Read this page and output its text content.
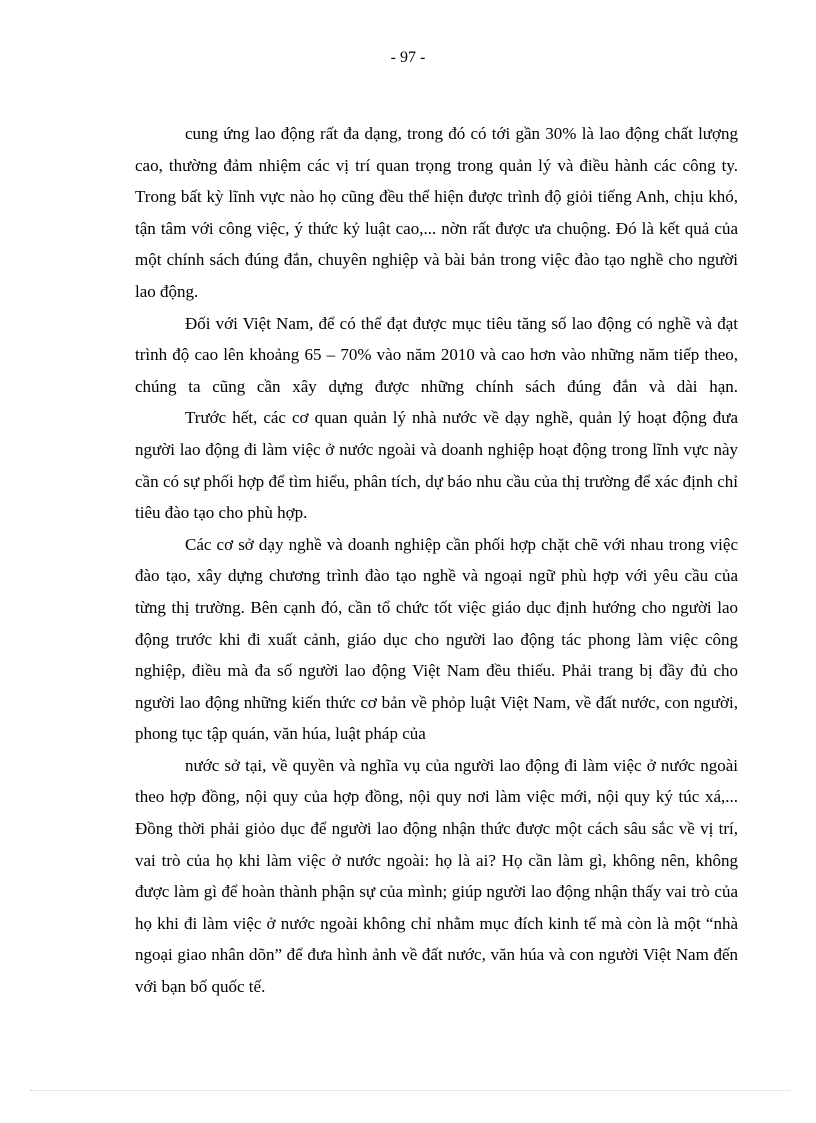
- 97 -

cung ứng lao động rất đa dạng, trong đó có tới gần 30% là lao động chất lượng cao, thường đảm nhiệm các vị trí quan trọng trong quản lý và điều hành các công ty. Trong bất kỳ lĩnh vực nào họ cũng đều thể hiện được trình độ giỏi tiếng Anh, chịu khó, tận tâm với công việc, ý thức kỷ luật cao,... nờn rất được ưa chuộng. Đó là kết quả của một chính sách đúng đắn, chuyên nghiệp và bài bản trong việc đào tạo nghề cho người lao động.

Đối với Việt Nam, để có thể đạt được mục tiêu tăng số lao động có nghề và đạt trình độ cao lên khoảng 65 – 70% vào năm 2010 và cao hơn vào những năm tiếp theo, chúng ta cũng cần xây dựng được những chính sách đúng đắn và dài hạn.

Trước hết, các cơ quan quản lý nhà nước về dạy nghề, quản lý hoạt động đưa người lao động đi làm việc ở nước ngoài và doanh nghiệp hoạt động trong lĩnh vực này cần có sự phối hợp để tìm hiểu, phân tích, dự báo nhu cầu của thị trường để xác định chỉ tiêu đào tạo cho phù hợp.

Các cơ sở dạy nghề và doanh nghiệp cần phối hợp chặt chẽ với nhau trong việc đào tạo, xây dựng chương trình đào tạo nghề và ngoại ngữ phù hợp với yêu cầu của từng thị trường. Bên cạnh đó, cần tổ chức tốt việc giáo dục định hướng cho người lao động trước khi đi xuất cảnh, giáo dục cho người lao động tác phong làm việc công nghiệp, điều mà đa số người lao động Việt Nam đều thiếu. Phải trang bị đầy đủ cho người lao động những kiến thức cơ bản về phỏp luật Việt Nam, về đất nước, con người, phong tục tập quán, văn húa, luật pháp của

nước sở tại, về quyền và nghĩa vụ của người lao động đi làm việc ở nước ngoài theo hợp đồng, nội quy của hợp đồng, nội quy nơi làm việc mới, nội quy ký túc xá,... Đồng thời phải giỏo dục để người lao động nhận thức được một cách sâu sắc về vị trí, vai trò của họ khi làm việc ở nước ngoài: họ là ai? Họ cần làm gì, không nên, không được làm gì để hoàn thành phận sự của mình; giúp người lao động nhận thấy vai trò của họ khi đi làm việc ở nước ngoài không chỉ nhằm mục đích kinh tế mà còn là một “nhà ngoại giao nhân dõn” để đưa hình ảnh về đất nước, văn húa và con người Việt Nam đến với bạn bố quốc tế.
